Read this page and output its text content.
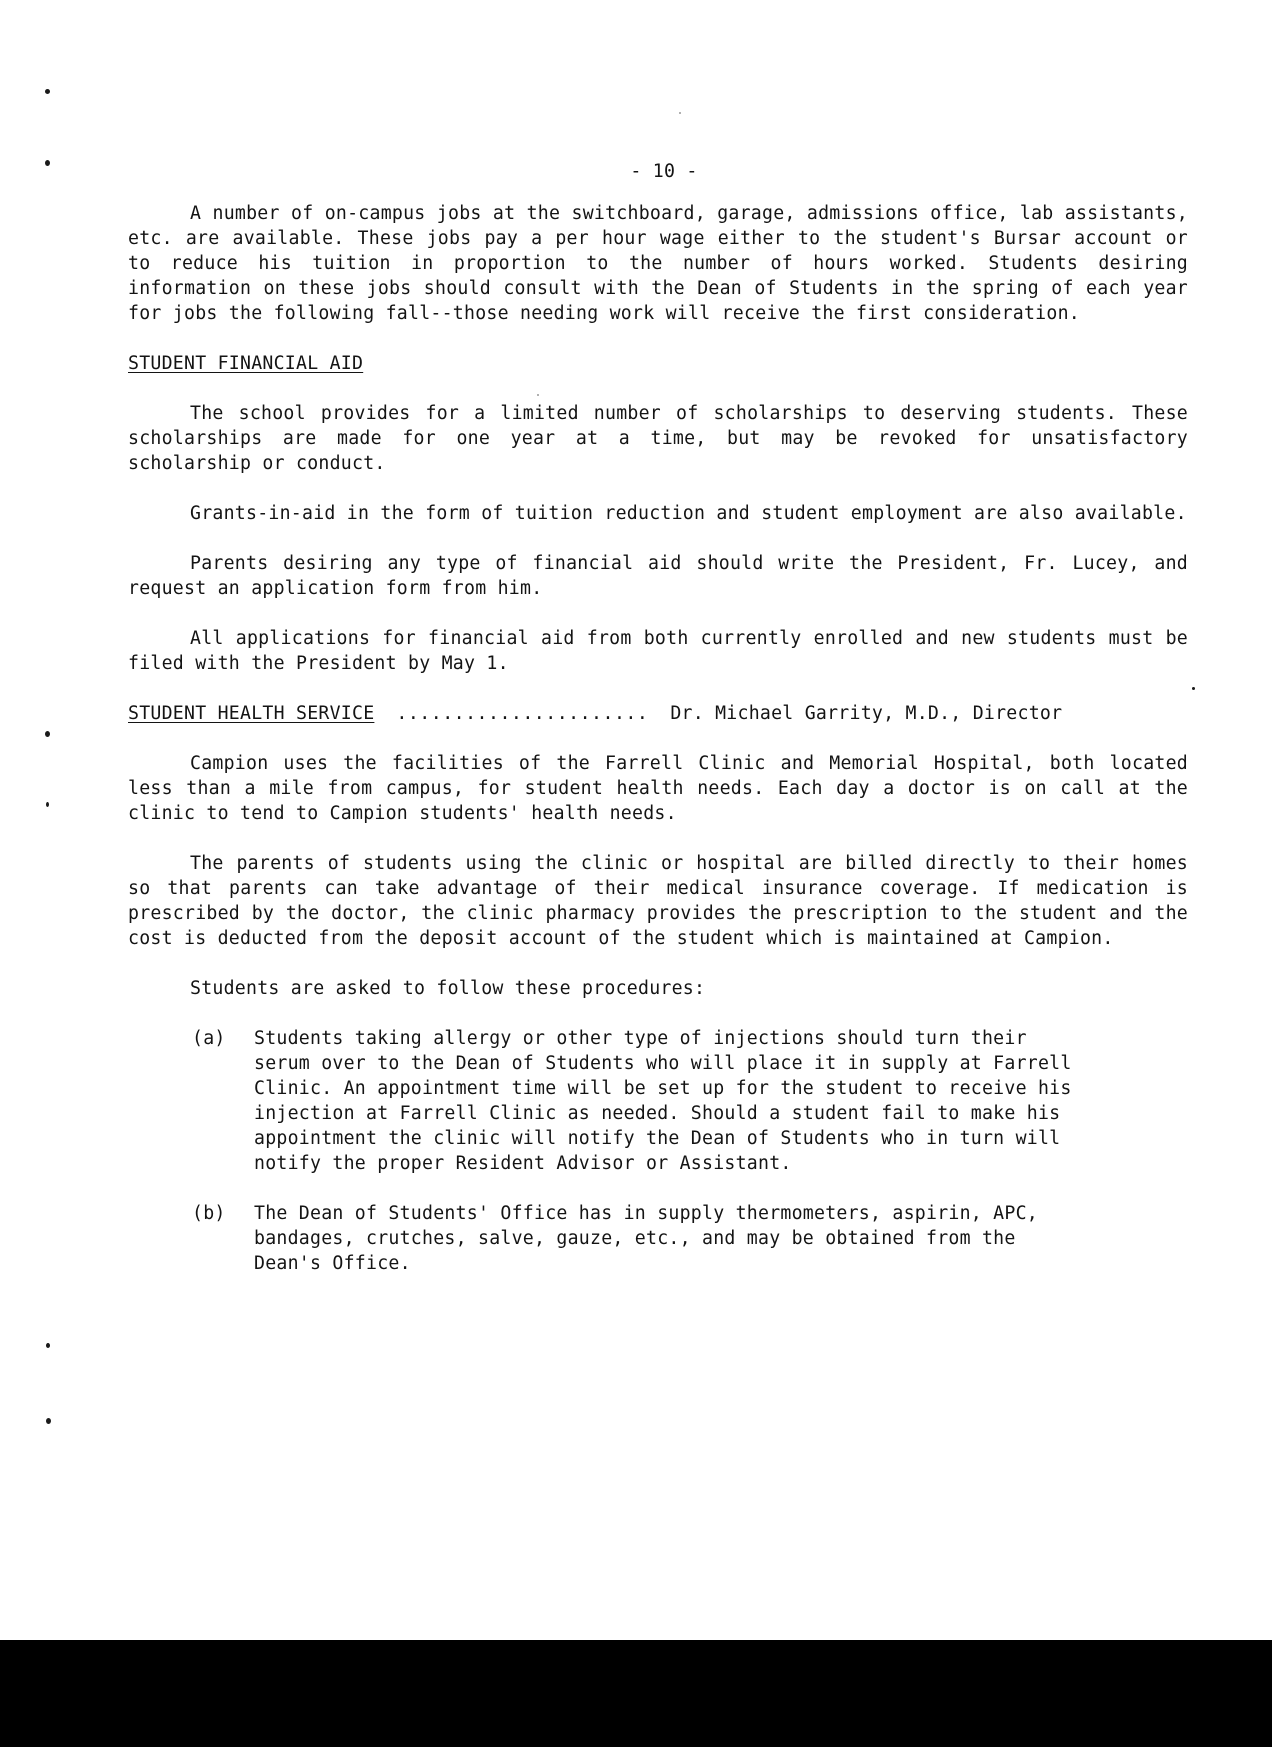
- 10 -

A number of on-campus jobs at the switchboard, garage, admissions office, lab assistants, etc. are available. These jobs pay a per hour wage either to the student's Bursar account or to reduce his tuition in proportion to the number of hours worked. Students desiring information on these jobs should consult with the Dean of Students in the spring of each year for jobs the following fall--those needing work will receive the first consideration.

STUDENT FINANCIAL AID

The school provides for a limited number of scholarships to deserving students. These scholarships are made for one year at a time, but may be revoked for unsatisfactory scholarship or conduct.

Grants-in-aid in the form of tuition reduction and student employment are also available.

Parents desiring any type of financial aid should write the President, Fr. Lucey, and request an application form from him.

All applications for financial aid from both currently enrolled and new students must be filed with the President by May 1.

STUDENT HEALTH SERVICE ...................... Dr. Michael Garrity, M.D., Director

Campion uses the facilities of the Farrell Clinic and Memorial Hospital, both located less than a mile from campus, for student health needs. Each day a doctor is on call at the clinic to tend to Campion students' health needs.

The parents of students using the clinic or hospital are billed directly to their homes so that parents can take advantage of their medical insurance coverage. If medication is prescribed by the doctor, the clinic pharmacy provides the prescription to the student and the cost is deducted from the deposit account of the student which is maintained at Campion.

Students are asked to follow these procedures:
(a)	Students taking allergy or other type of injections should turn their serum over to the Dean of Students who will place it in supply at Farrell Clinic. An appointment time will be set up for the student to receive his injection at Farrell Clinic as needed. Should a student fail to make his appointment the clinic will notify the Dean of Students who in turn will notify the proper Resident Advisor or Assistant.
(b)	The Dean of Students' Office has in supply thermometers, aspirin, APC, bandages, crutches, salve, gauze, etc., and may be obtained from the Dean's Office.
